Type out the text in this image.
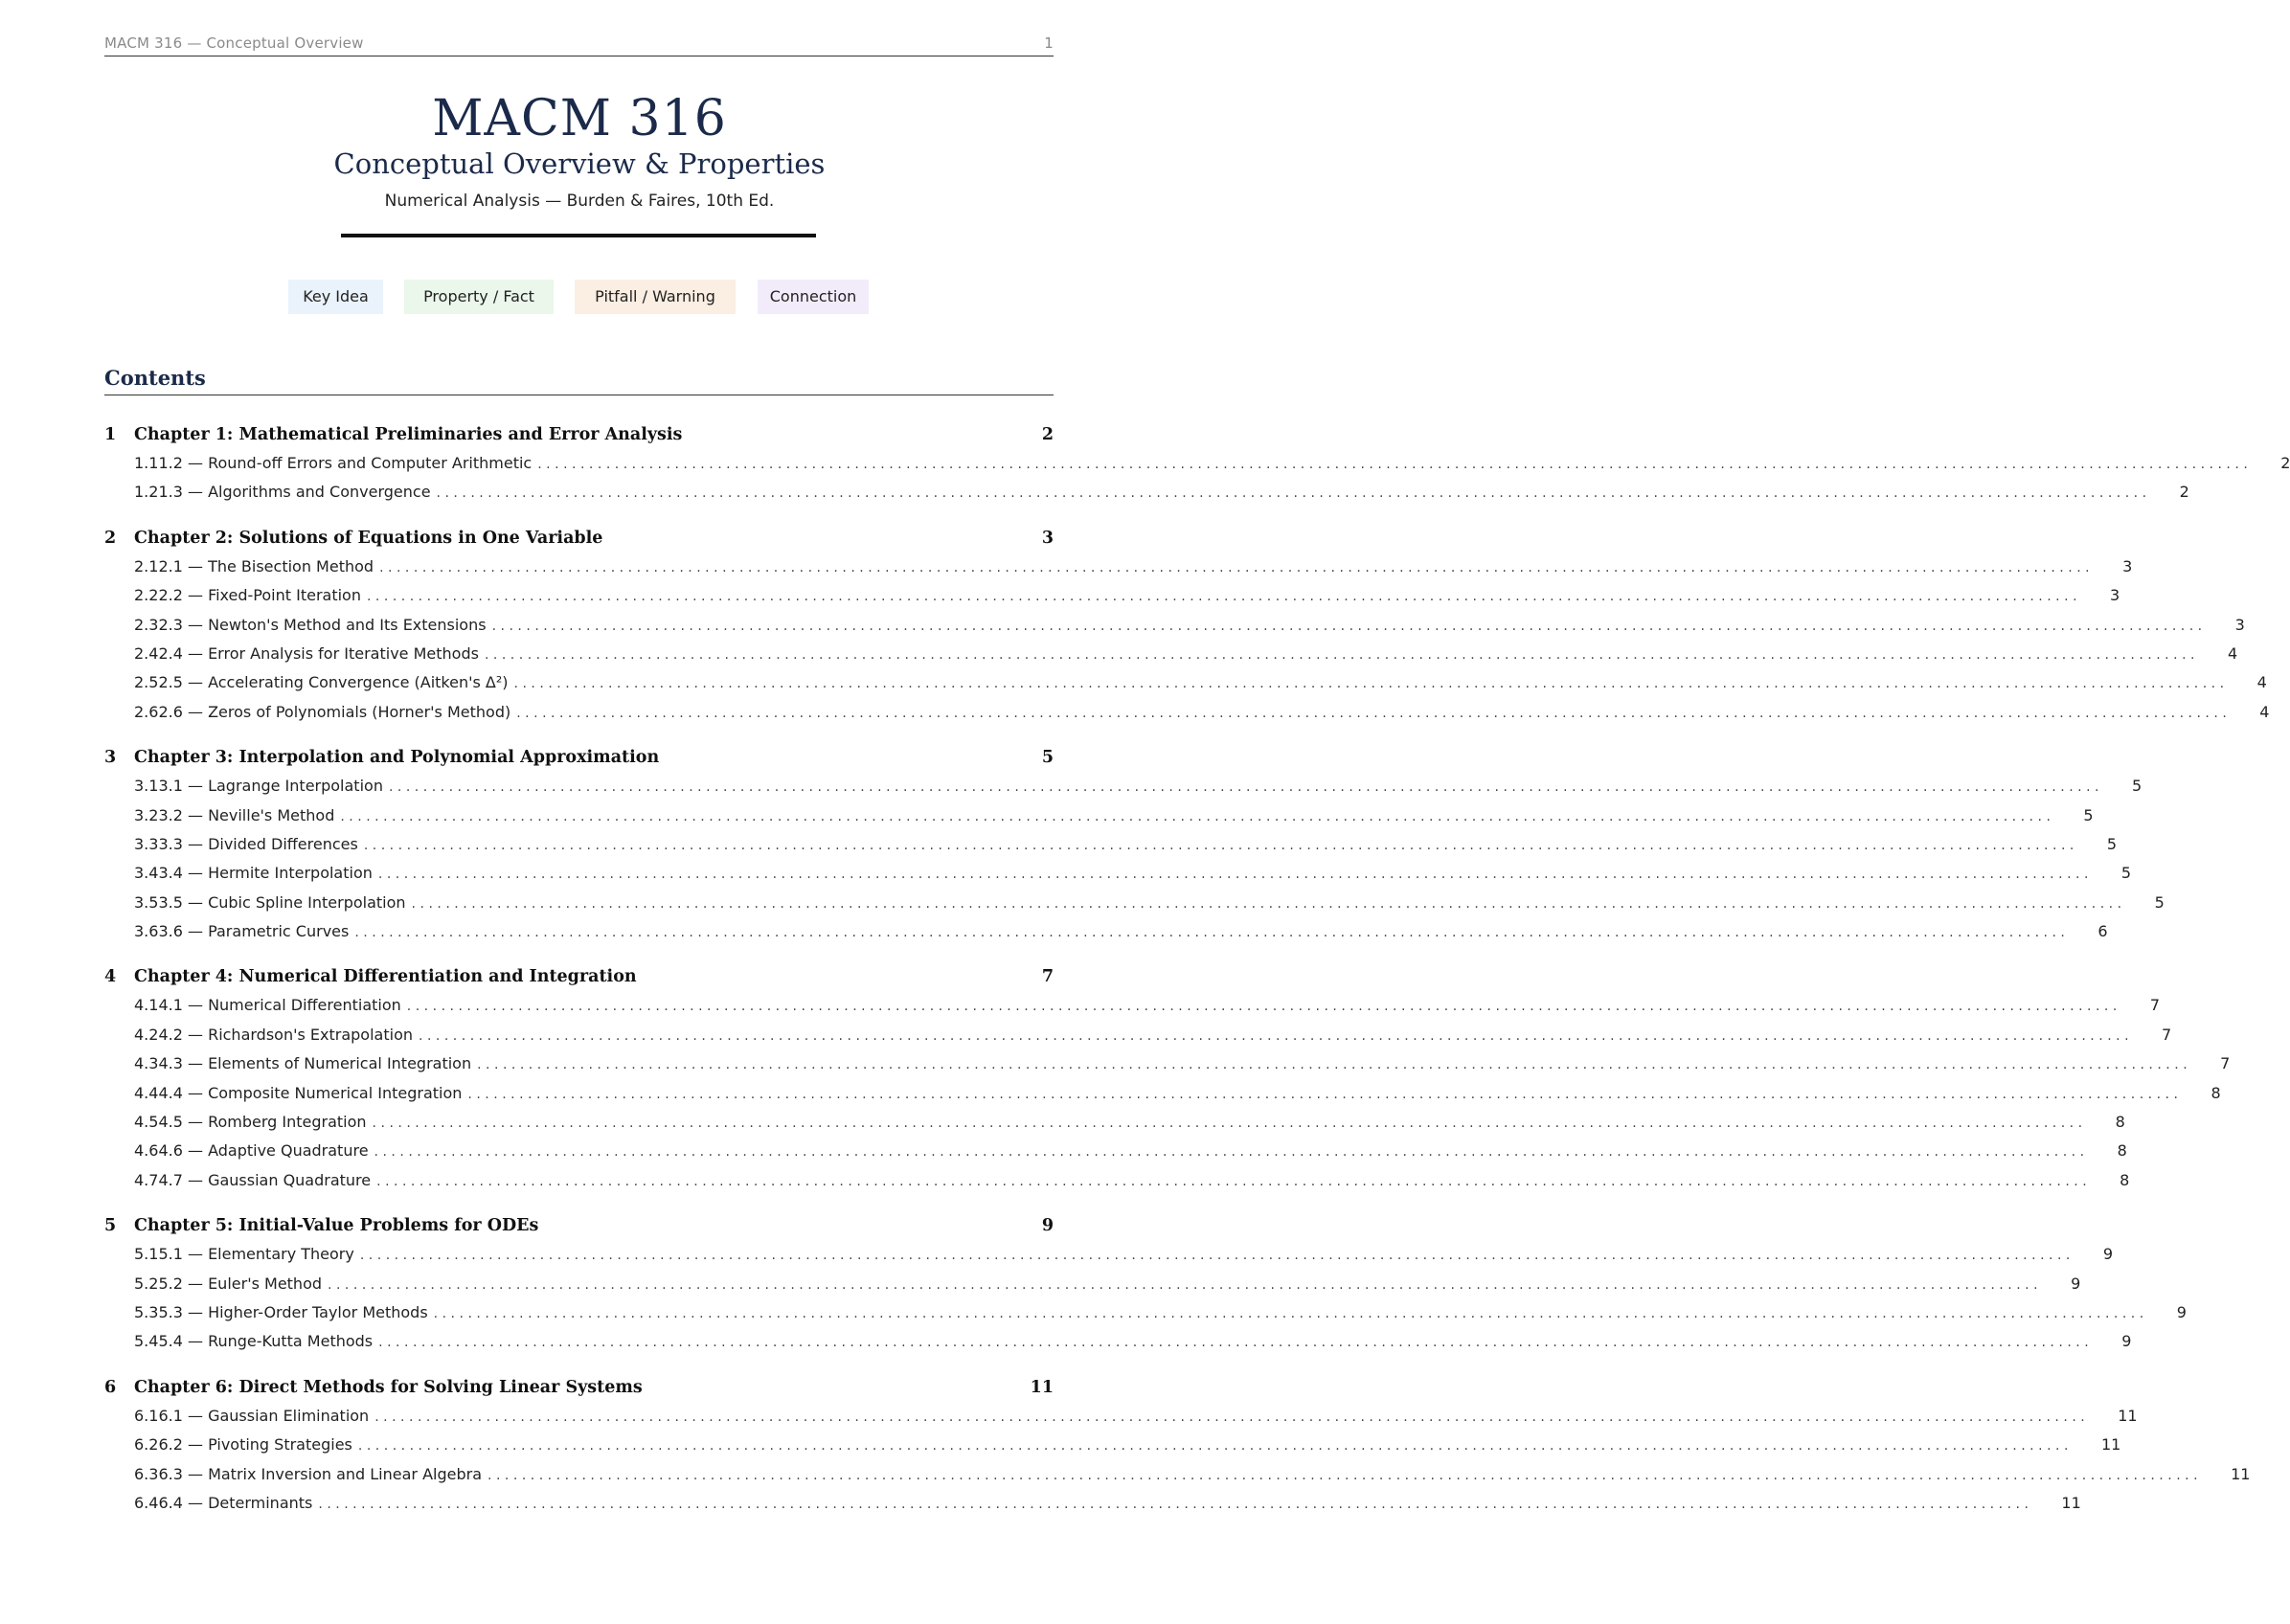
MACM 316 — Conceptual Overview	1
MACM 316
Conceptual Overview & Properties
Numerical Analysis — Burden & Faires, 10th Ed.
Key Idea	Property / Fact	Pitfall / Warning	Connection
Contents
1	Chapter 1: Mathematical Preliminaries and Error Analysis	2
1.1 1.2 — Round-off Errors and Computer Arithmetic ........................................................................................................................................................................................................ 2
1.2 1.3 — Algorithms and Convergence ........................................................................................................................................................................................................ 2
2	Chapter 2: Solutions of Equations in One Variable	3
2.1 2.1 — The Bisection Method ........................................................................................................................................................................................................ 3
2.2 2.2 — Fixed-Point Iteration ........................................................................................................................................................................................................ 3
2.3 2.3 — Newton's Method and Its Extensions ........................................................................................................................................................................................................ 3
2.4 2.4 — Error Analysis for Iterative Methods ........................................................................................................................................................................................................ 4
2.5 2.5 — Accelerating Convergence (Aitken's Δ²) ........................................................................................................................................................................................................ 4
2.6 2.6 — Zeros of Polynomials (Horner's Method) ........................................................................................................................................................................................................ 4
3	Chapter 3: Interpolation and Polynomial Approximation	5
3.1 3.1 — Lagrange Interpolation ........................................................................................................................................................................................................ 5
3.2 3.2 — Neville's Method ........................................................................................................................................................................................................ 5
3.3 3.3 — Divided Differences ........................................................................................................................................................................................................ 5
3.4 3.4 — Hermite Interpolation ........................................................................................................................................................................................................ 5
3.5 3.5 — Cubic Spline Interpolation ........................................................................................................................................................................................................ 5
3.6 3.6 — Parametric Curves ........................................................................................................................................................................................................ 6
4	Chapter 4: Numerical Differentiation and Integration	7
4.1 4.1 — Numerical Differentiation ........................................................................................................................................................................................................ 7
4.2 4.2 — Richardson's Extrapolation ........................................................................................................................................................................................................ 7
4.3 4.3 — Elements of Numerical Integration ........................................................................................................................................................................................................ 7
4.4 4.4 — Composite Numerical Integration ........................................................................................................................................................................................................ 8
4.5 4.5 — Romberg Integration ........................................................................................................................................................................................................ 8
4.6 4.6 — Adaptive Quadrature ........................................................................................................................................................................................................ 8
4.7 4.7 — Gaussian Quadrature ........................................................................................................................................................................................................ 8
5	Chapter 5: Initial-Value Problems for ODEs	9
5.1 5.1 — Elementary Theory ........................................................................................................................................................................................................ 9
5.2 5.2 — Euler's Method ........................................................................................................................................................................................................ 9
5.3 5.3 — Higher-Order Taylor Methods ........................................................................................................................................................................................................ 9
5.4 5.4 — Runge-Kutta Methods ........................................................................................................................................................................................................ 9
6	Chapter 6: Direct Methods for Solving Linear Systems	11
6.1 6.1 — Gaussian Elimination ........................................................................................................................................................................................................ 11
6.2 6.2 — Pivoting Strategies ........................................................................................................................................................................................................ 11
6.3 6.3 — Matrix Inversion and Linear Algebra ........................................................................................................................................................................................................ 11
6.4 6.4 — Determinants ........................................................................................................................................................................................................ 11
